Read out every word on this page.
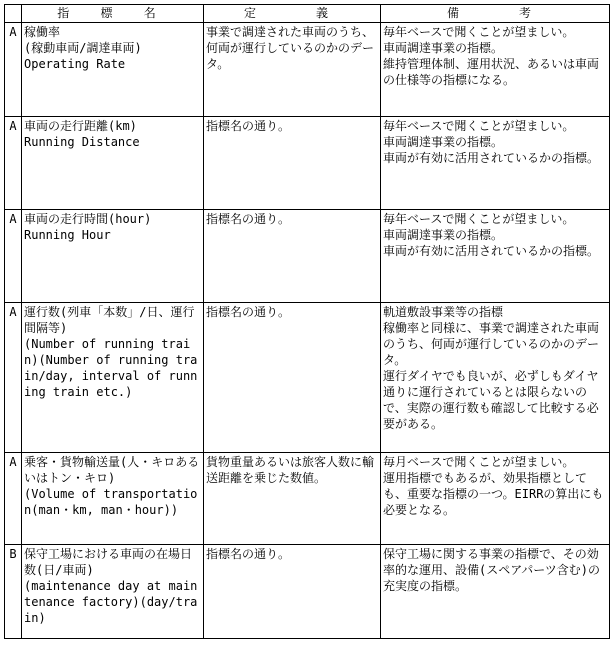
	指 標 名	定　　義	備　　考
A	稼働率
(稼動車両/調達車両)
Operating Rate	事業で調達された車両のうち、何両が運行しているのかのデータ。	毎年ベースで聞くことが望ましい。
車両調達事業の指標。
維持管理体制、運用状況、あるいは車両の仕様等の指標になる。

A	車両の走行距離(km)
Running Distance	指標名の通り。	毎年ベースで聞くことが望ましい。
車両調達事業の指標。
車両が有効に活用されているかの指標。

A	車両の走行時間(hour)
Running Hour	指標名の通り。	毎年ベースで聞くことが望ましい。
車両調達事業の指標。
車両が有効に活用されているかの指標。

A	運行数(列車「本数」/日、運行間隔等)
(Number of running train)(Number of running train/day, interval of running train etc.)	指標名の通り。	軌道敷設事業等の指標
稼働率と同様に、事業で調達された車両のうち、何両が運行しているのかのデータ。
運行ダイヤでも良いが、必ずしもダイヤ通りに運行されているとは限らないので、実際の運行数も確認して比較する必要がある。

A	乗客・貨物輸送量(人・キロあるいはトン・キロ)
(Volume of transportation(man・km, man・hour))	貨物重量あるいは旅客人数に輸送距離を乗じた数値。	毎月ベースで聞くことが望ましい。
運用指標でもあるが、効果指標としても、重要な指標の一つ。EIRRの算出にも必要となる。

B	保守工場における車両の在場日数(日/車両)
(maintenance day at maintenance factory)(day/train)	指標名の通り。	保守工場に関する事業の指標で、その効率的な運用、設備(スペアパーツ含む)の充実度の指標。
